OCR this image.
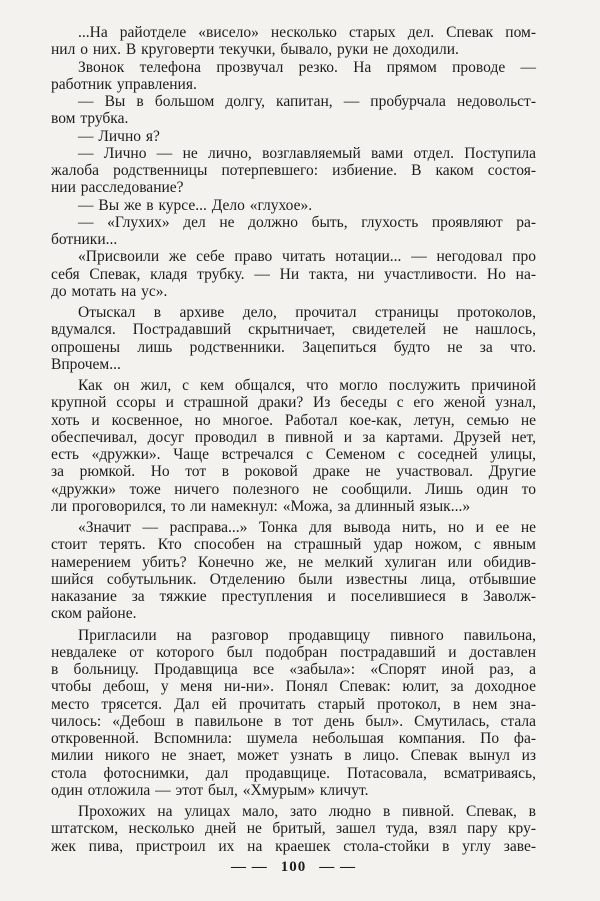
...На райотделе «висело» несколько старых дел. Спевак пом-
нил о них. В круговерти текучки, бывало, руки не доходили.
Звонок телефона прозвучал резко. На прямом проводе —
работник управления.
— Вы в большом долгу, капитан, — пробурчала недовольст-
вом трубка.
— Лично я?
— Лично — не лично, возглавляемый вами отдел. Поступила
жалоба родственницы потерпевшего: избиение. В каком состоя-
нии расследование?
— Вы же в курсе... Дело «глухое».
— «Глухих» дел не должно быть, глухость проявляют ра-
ботники...
«Присвоили же себе право читать нотации... — негодовал про
себя Спевак, кладя трубку. — Ни такта, ни участливости. Но на-
до мотать на ус».
Отыскал в архиве дело, прочитал страницы протоколов,
вдумался. Пострадавший скрытничает, свидетелей не нашлось,
опрошены лишь родственники. Зацепиться будто не за что.
Впрочем...
Как он жил, с кем общался, что могло послужить причиной
крупной ссоры и страшной драки? Из беседы с его женой узнал,
хоть и косвенное, но многое. Работал кое-как, летун, семью не
обеспечивал, досуг проводил в пивной и за картами. Друзей нет,
есть «дружки». Чаще встречался с Семеном с соседней улицы,
за рюмкой. Но тот в роковой драке не участвовал. Другие
«дружки» тоже ничего полезного не сообщили. Лишь один то
ли проговорился, то ли намекнул: «Можа, за длинный язык...»
«Значит — расправа...» Тонка для вывода нить, но и ее не
стоит терять. Кто способен на страшный удар ножом, с явным
намерением убить? Конечно же, не мелкий хулиган или обидив-
шийся собутыльник. Отделению были известны лица, отбывшие
наказание за тяжкие преступления и поселившиеся в Заволж-
ском районе.
Пригласили на разговор продавщицу пивного павильона,
невдалеке от которого был подобран пострадавший и доставлен
в больницу. Продавщица все «забыла»: «Спорят иной раз, а
чтобы дебош, у меня ни-ни». Понял Спевак: юлит, за доходное
место трясется. Дал ей прочитать старый протокол, в нем зна-
чилось: «Дебош в павильоне в тот день был». Смутилась, стала
откровенной. Вспомнила: шумела небольшая компания. По фа-
милии никого не знает, может узнать в лицо. Спевак вынул из
стола фотоснимки, дал продавщице. Потасовала, всматриваясь,
один отложила — этот был, «Хмурым» кличут.
Прохожих на улицах мало, зато людно в пивной. Спевак, в
штатском, несколько дней не бритый, зашел туда, взял пару кру-
жек пива, пристроил их на краешек стола-стойки в углу заве-
— — 100 — —
